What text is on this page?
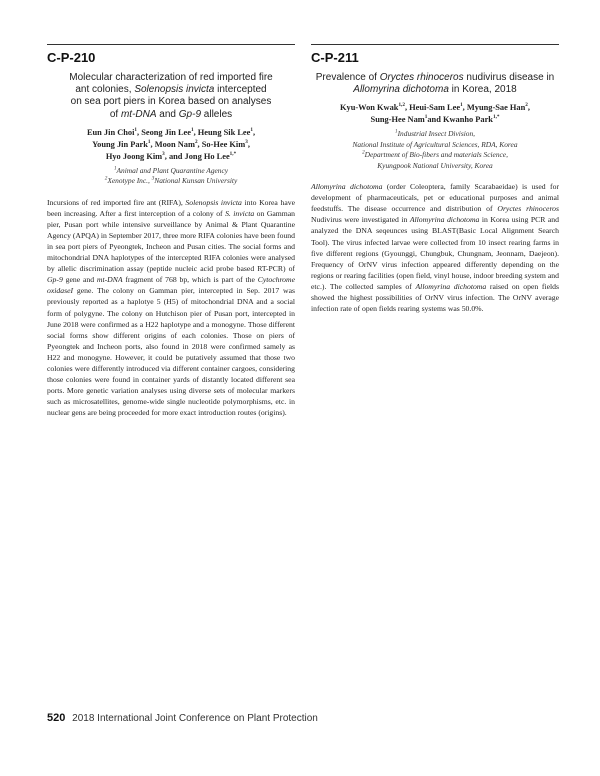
C-P-210
Molecular characterization of red imported fire
ant colonies, Solenopsis invicta intercepted
on sea port piers in Korea based on analyses
of mt-DNA and Gp-9 alleles
Eun Jin Choi$^1$, Seong Jin Lee$^1$, Heung Sik Lee$^1$,
Young Jin Park$^1$, Moon Nam$^2$, So-Hee Kim$^3$,
Hyo Joong Kim$^3$, and Jong Ho Lee$^{1,*}$
$^1$Animal and Plant Quarantine Agency
$^2$Xenotype Inc., $^3$National Kunsan University
Incursions of red imported fire ant (RIFA), Solenopsis invicta into Korea have been increasing. After a first interception of a colony of S. invicta on Gamman pier, Pusan port while intensive surveillance by Animal & Plant Quarantine Agency (APQA) in September 2017, three more RIFA colonies have been found in sea port piers of Pyeongtek, Incheon and Pusan cities. The social forms and mitochondrial DNA haplotypes of the intercepted RIFA colonies were analysed by allelic discrimination assay (peptide nucleic acid probe based RT-PCR) of Gp-9 gene and mt-DNA fragment of 768 bp, which is part of the Cytochrome oxidaseI gene. The colony on Gamman pier, intercepted in Sep. 2017 was previously reported as a haplotye 5 (H5) of mitochondrial DNA and a social form of polygyne. The colony on Hutchison pier of Pusan port, intercepted in June 2018 were confirmed as a H22 haplotype and a monogyne. Those different social forms show different origins of each colonies. Those on piers of Pyeongtek and Incheon ports, also found in 2018 were confirmed samely as H22 and monogyne. However, it could be putatively assumed that those two colonies were differently introduced via different container cargoes, considering those colonies were found in container yards of distantly located different sea ports. More genetic variation analyses using diverse sets of molecular markers such as microsatellites, genome-wide single nucleotide polymorphisms, etc. in nuclear gens are being proceeded for more exact introduction routes (origins).
C-P-211
Prevalence of Oryctes rhinoceros nudivirus disease in
Allomyrina dichotoma in Korea, 2018
Kyu-Won Kwak$^{1,2}$, Heui-Sam Lee$^1$, Myung-Sae Han$^2$,
Sung-Hee Nam$^1$and Kwanho Park$^{1,*}$
$^1$Industrial Insect Division,
National Institute of Agricultural Sciences, RDA, Korea
$^2$Department of Bio-fibers and materials Science,
Kyungpook National University, Korea
Allomyrina dichotoma (order Coleoptera, family Scarabaeidae) is used for development of pharmaceuticals, pet or educational purposes and animal feedstuffs. The disease occurrence and distribution of Oryctes rhinoceros Nudivirus were investigated in Allomyrina dichotoma in Korea using PCR and analyzed the DNA seqeunces using BLAST(Basic Local Alignment Search Tool). The virus infected larvae were collected from 10 insect rearing farms in five different regions (Gyounggi, Chungbuk, Chungnam, Jeonnam, Daejeon). Frequency of OrNV virus infection appeared differently depending on the regions or rearing facilities (open field, vinyl house, indoor breeding system and etc.). The collected samples of Allomyrina dichotoma raised on open fields showed the highest possibilities of OrNV virus infection. The OrNV average infection rate of open fields rearing systems was 50.0%.
520 2018 International Joint Conference on Plant Protection
